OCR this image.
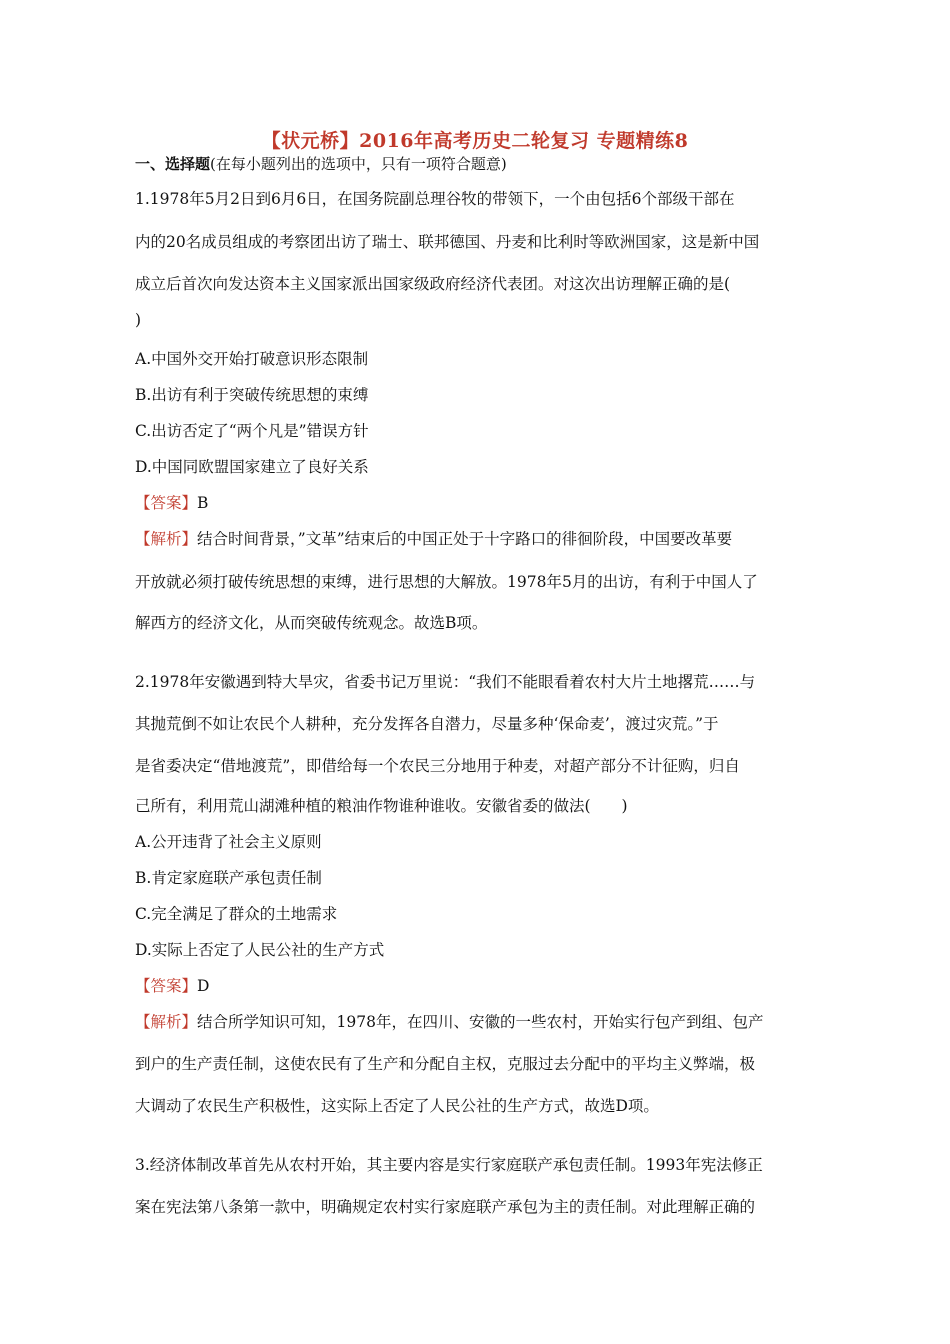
【状元桥】2016年高考历史二轮复习 专题精练8
一、选择题(在每小题列出的选项中，只有一项符合题意)
1.1978年5月2日到6月6日，在国务院副总理谷牧的带领下，一个由包括6个部级干部在
内的20名成员组成的考察团出访了瑞士、联邦德国、丹麦和比利时等欧洲国家，这是新中国
成立后首次向发达资本主义国家派出国家级政府经济代表团。对这次出访理解正确的是(
)
A.中国外交开始打破意识形态限制
B.出访有利于突破传统思想的束缚
C.出访否定了“两个凡是”错误方针
D.中国同欧盟国家建立了良好关系
【答案】B
【解析】结合时间背景，”文革”结束后的中国正处于十字路口的徘徊阶段，中国要改革要
开放就必须打破传统思想的束缚，进行思想的大解放。1978年5月的出访，有利于中国人了
解西方的经济文化，从而突破传统观念。故选B项。
2.1978年安徽遇到特大旱灾，省委书记万里说：“我们不能眼看着农村大片土地撂荒……与
其抛荒倒不如让农民个人耕种，充分发挥各自潜力，尽量多种‘保命麦’，渡过灾荒。”于
是省委决定“借地渡荒”，即借给每一个农民三分地用于种麦，对超产部分不计征购，归自
己所有，利用荒山湖滩种植的粮油作物谁种谁收。安徽省委的做法(　　)
A.公开违背了社会主义原则
B.肯定家庭联产承包责任制
C.完全满足了群众的土地需求
D.实际上否定了人民公社的生产方式
【答案】D
【解析】结合所学知识可知，1978年，在四川、安徽的一些农村，开始实行包产到组、包产
到户的生产责任制，这使农民有了生产和分配自主权，克服过去分配中的平均主义弊端，极
大调动了农民生产积极性，这实际上否定了人民公社的生产方式，故选D项。
3.经济体制改革首先从农村开始，其主要内容是实行家庭联产承包责任制。1993年宪法修正
案在宪法第八条第一款中，明确规定农村实行家庭联产承包为主的责任制。对此理解正确的
